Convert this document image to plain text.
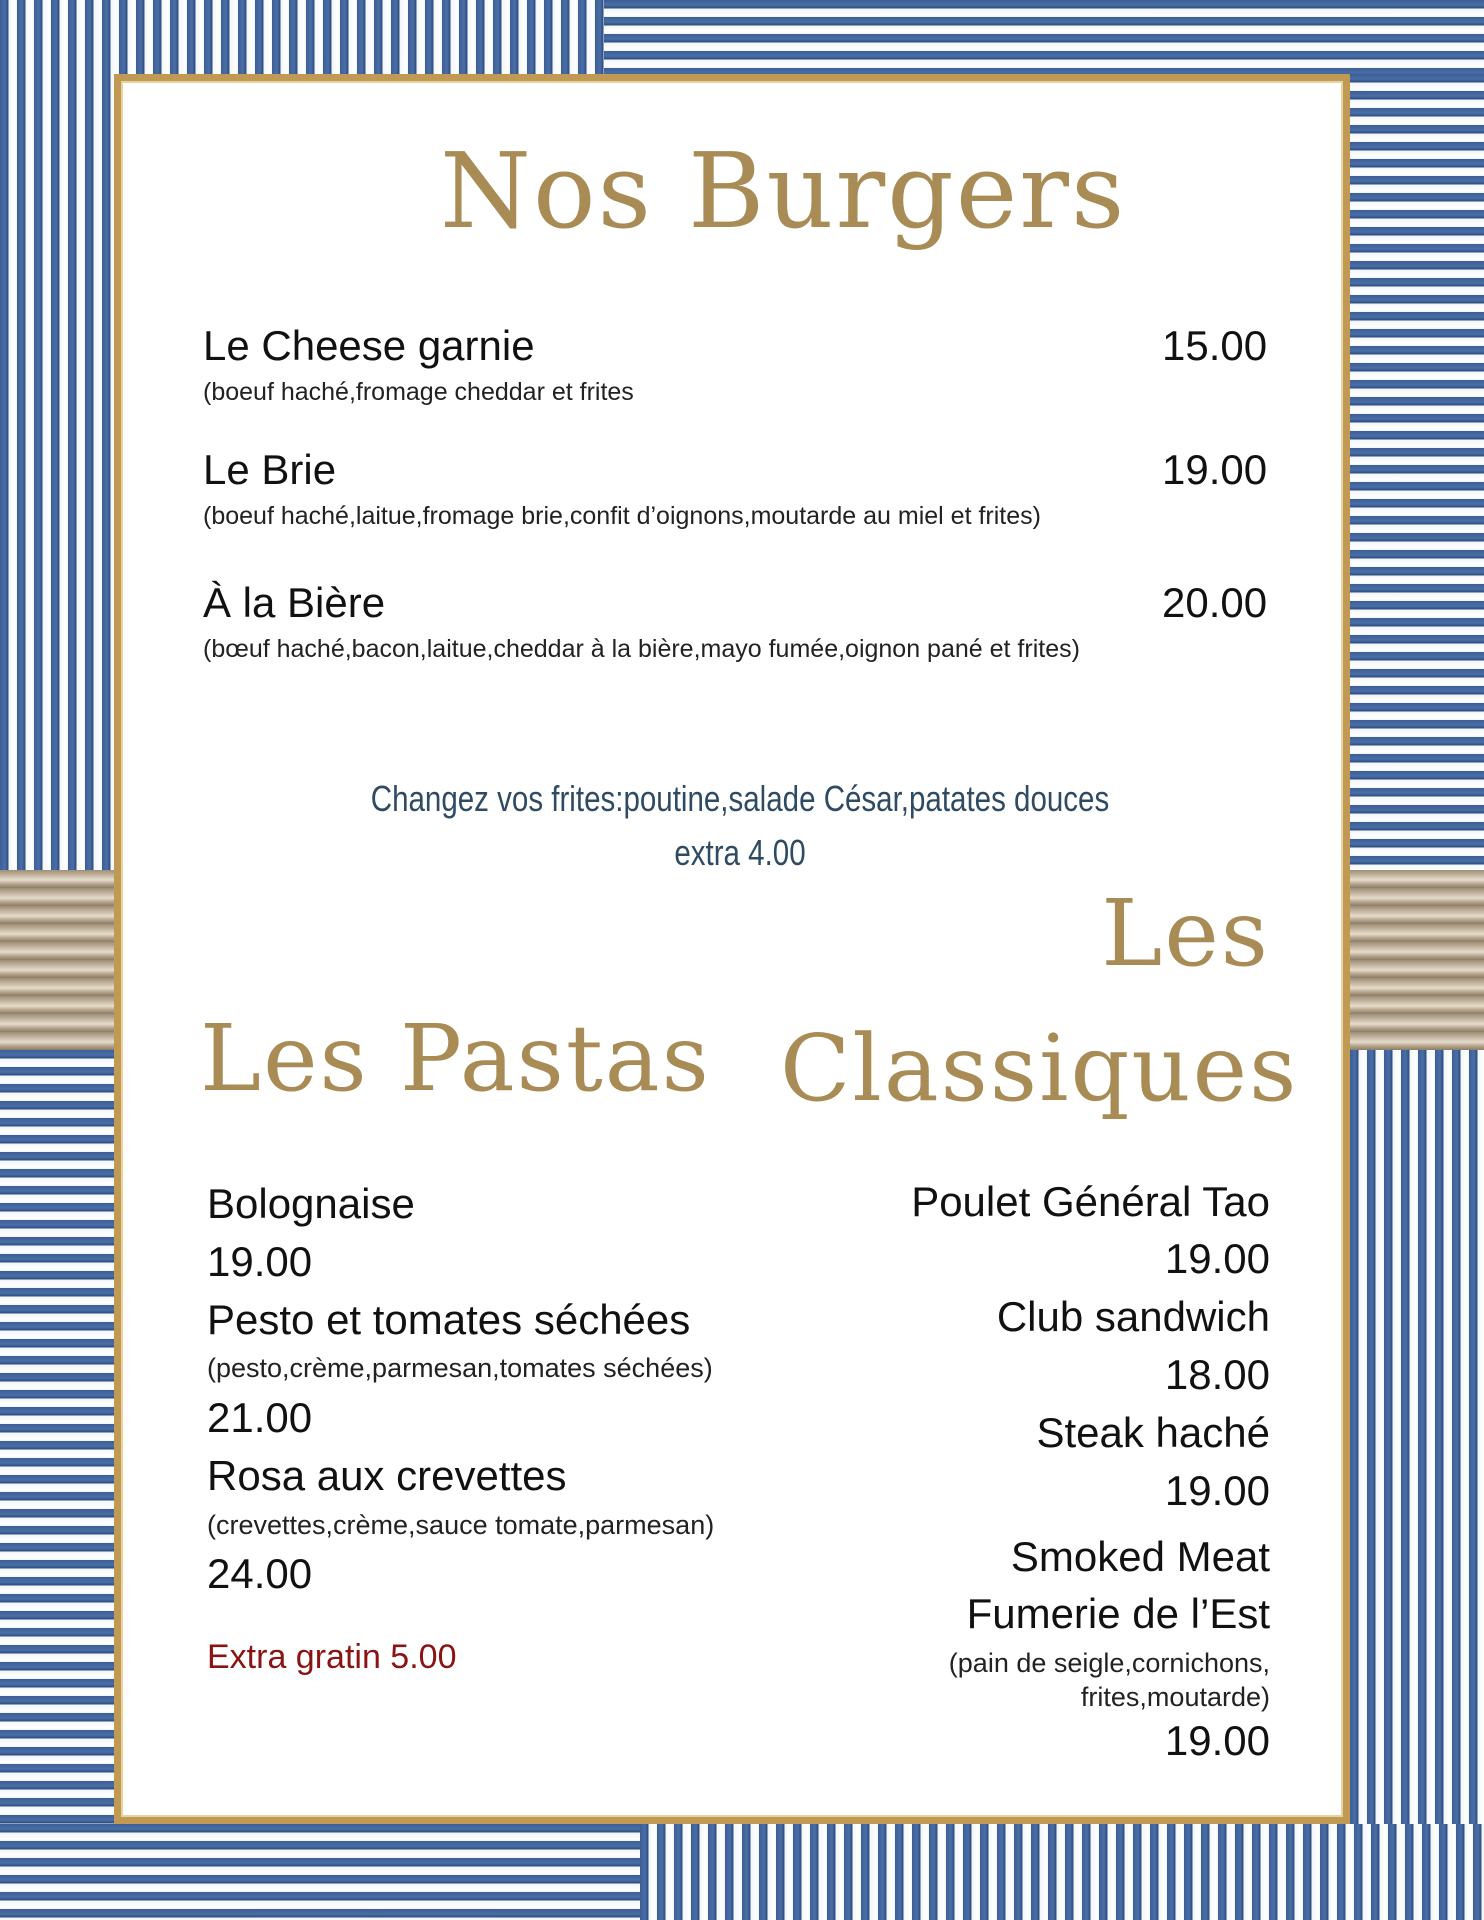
Nos Burgers
Le Cheese garnie
(boeuf haché,fromage cheddar et frites
15.00
Le Brie
(boeuf haché,laitue,fromage brie,confit d’oignons,moutarde au miel et frites)
19.00
À la Bière
(bœuf haché,bacon,laitue,cheddar à la bière,mayo fumée,oignon pané et frites)
20.00
Changez vos frites:poutine,salade César,patates douces
extra 4.00
Les Pastas

Bolognaise

19.00

Pesto et tomates séchées

(pesto,crème,parmesan,tomates séchées)

21.00

Rosa aux crevettes

(crevettes,crème,sauce tomate,parmesan)

24.00

Extra gratin 5.00
Les
Classiques

Poulet Général Tao

19.00

Club sandwich

18.00

Steak haché

19.00

Smoked Meat

Fumerie de l’Est

(pain de seigle,cornichons,

frites,moutarde)

19.00
